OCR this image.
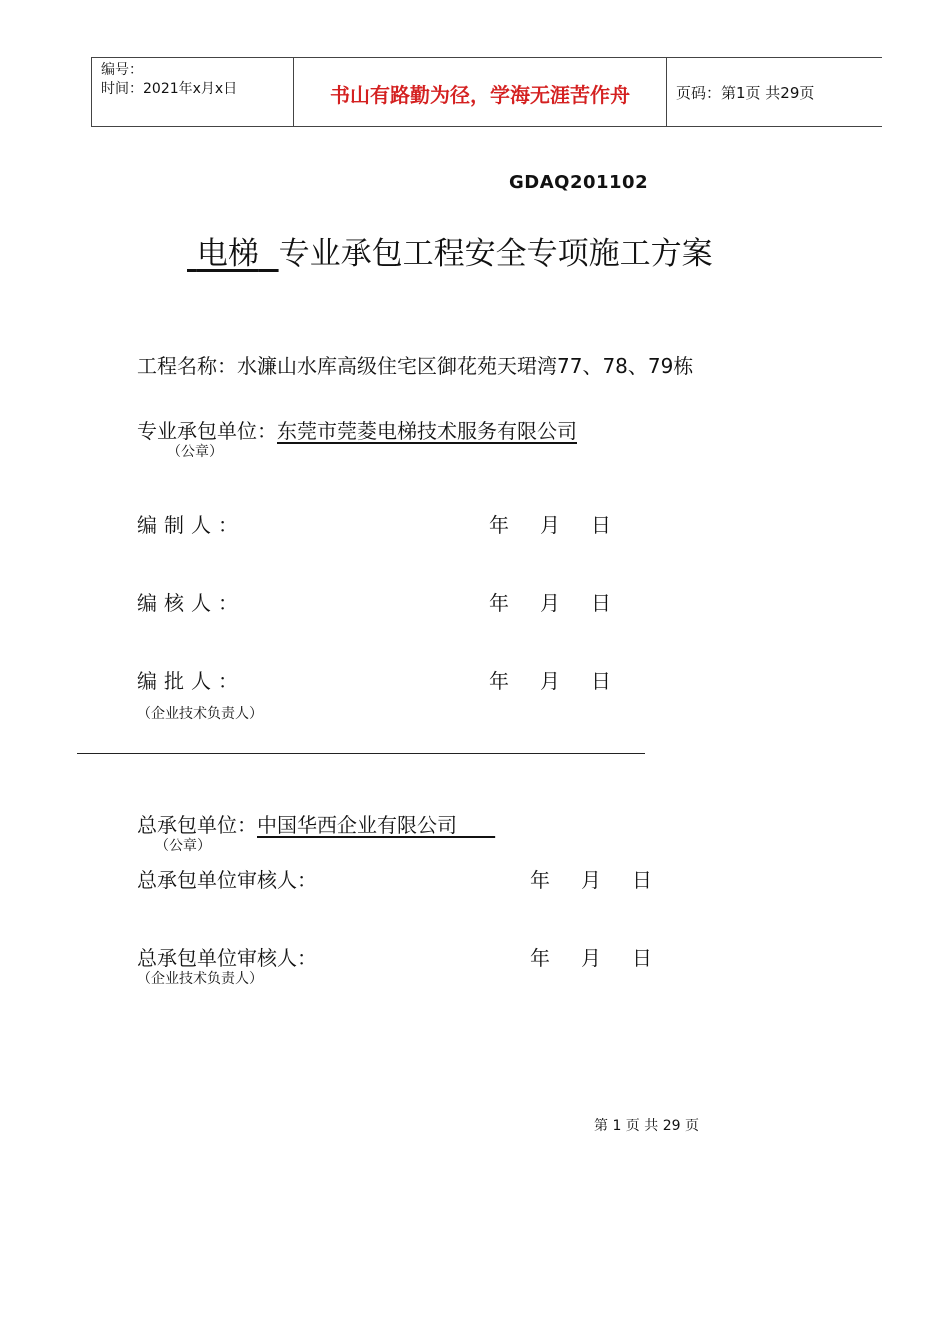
编号：
时间：2021年x月x日	书山有路勤为径，学海无涯苦作舟	页码：第1页 共29页
GDAQ201102
电梯 专业承包工程安全专项施工方案
工程名称：水濂山水库高级住宅区御花苑天珺湾77、78、79栋
专业承包单位：东莞市莞菱电梯技术服务有限公司
（公章）
编制人：	年 月 日
编核人：	年 月 日
编批人：	年 月 日
（企业技术负责人）
总承包单位：中国华西企业有限公司
（公章）
总承包单位审核人：	年 月 日
总承包单位审核人：	年 月 日
（企业技术负责人）
第 1 页 共 29 页
